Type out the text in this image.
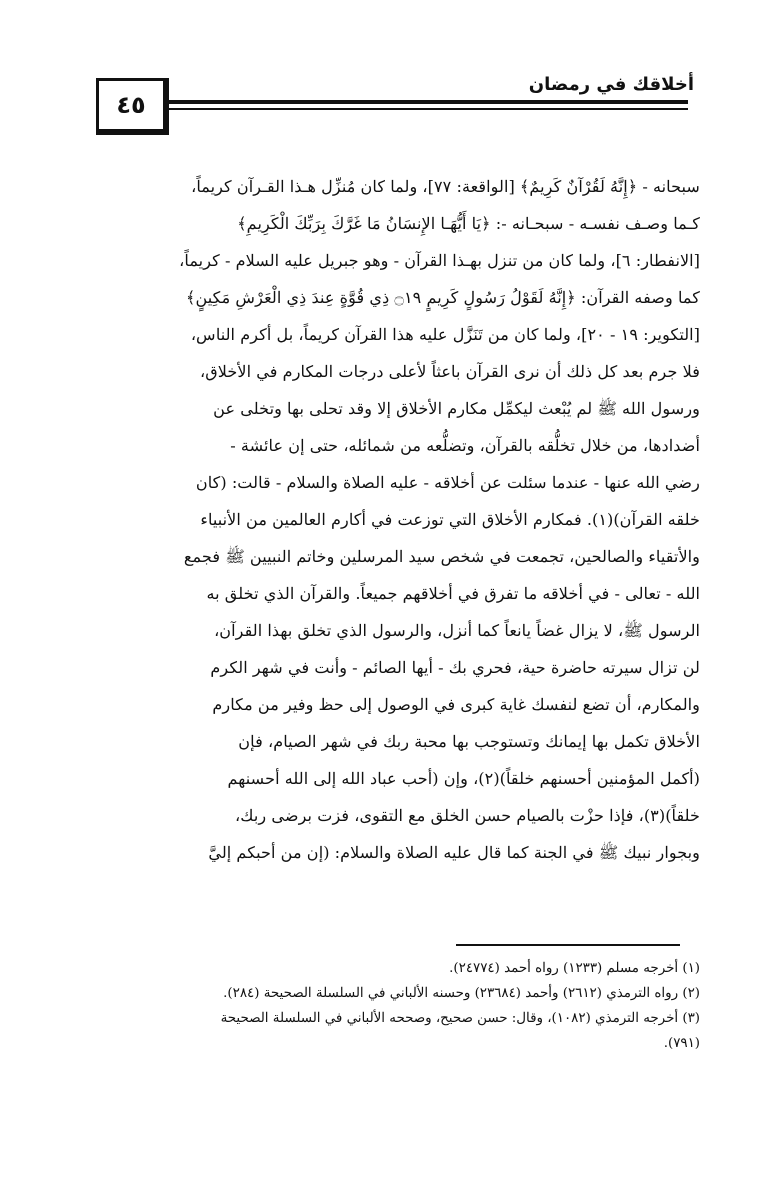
٤٥
أخلاقك في رمضان

سبحانه - ﴿إِنَّهُ لَقُرْآنٌ كَرِيمٌ﴾ [الواقعة: ٧٧]، ولما كان مُنزِّل هـذا القـرآن كريماً،

كـما وصـف نفسـه - سبحـانه -: ﴿يَا أَيُّهَـا الإِنسَانُ مَا غَرَّكَ بِرَبِّكَ الْكَرِيمِ﴾

[الانفطار: ٦]، ولما كان من تنزل بهـذا القرآن - وهو جبريل عليه السلام - كريماً،

كما وصفه القرآن: ﴿إِنَّهُ لَقَوْلُ رَسُولٍ كَرِيمٍ ۝١٩ ذِي قُوَّةٍ عِندَ ذِي الْعَرْشِ مَكِينٍ﴾

[التكوير: ١٩ - ٢٠]، ولما كان من تَنَزَّل عليه هذا القرآن كريماً، بل أكرم الناس،

فلا جرم بعد كل ذلك أن نرى القرآن باعثاً لأعلى درجات المكارم في الأخلاق،

ورسول الله ﷺ لم يُبْعث ليكمِّل مكارم الأخلاق إلا وقد تحلى بها وتخلى عن

أضدادها، من خلال تخلُّقه بالقرآن، وتضلُّعه من شمائله، حتى إن عائشة -

رضي الله عنها - عندما سئلت عن أخلاقه - عليه الصلاة والسلام - قالت: (كان

خلقه القرآن)(١). فمكارم الأخلاق التي توزعت في أكارم العالمين من الأنبياء

والأتقياء والصالحين، تجمعت في شخص سيد المرسلين وخاتم النبيين ﷺ فجمع

الله - تعالى - في أخلاقه ما تفرق في أخلاقهم جميعاً. والقرآن الذي تخلق به

الرسول ﷺ، لا يزال غضاً يانعاً كما أنزل، والرسول الذي تخلق بهذا القرآن،

لن تزال سيرته حاضرة حية، فحري بك - أيها الصائم - وأنت في شهر الكرم

والمكارم، أن تضع لنفسك غاية كبرى في الوصول إلى حظ وفير من مكارم

الأخلاق تكمل بها إيمانك وتستوجب بها محبة ربك في شهر الصيام، فإن

(أكمل المؤمنين أحسنهم خلقاً)(٢)، وإن (أحب عباد الله إلى الله أحسنهم

خلقاً)(٣)، فإذا حزْت بالصيام حسن الخلق مع التقوى، فزت برضى ربك،

وبجوار نبيك ﷺ في الجنة كما قال عليه الصلاة والسلام: (إن من أحبكم إليَّ

(١) أخرجه مسلم (١٢٣٣) رواه أحمد (٢٤٧٧٤).

(٢) رواه الترمذي (٢٦١٢) وأحمد (٢٣٦٨٤) وحسنه الألباني في السلسلة الصحيحة (٢٨٤).

(٣) أخرجه الترمذي (١٠٨٢)، وقال: حسن صحيح، وصححه الألباني في السلسلة الصحيحة

(٧٩١).
